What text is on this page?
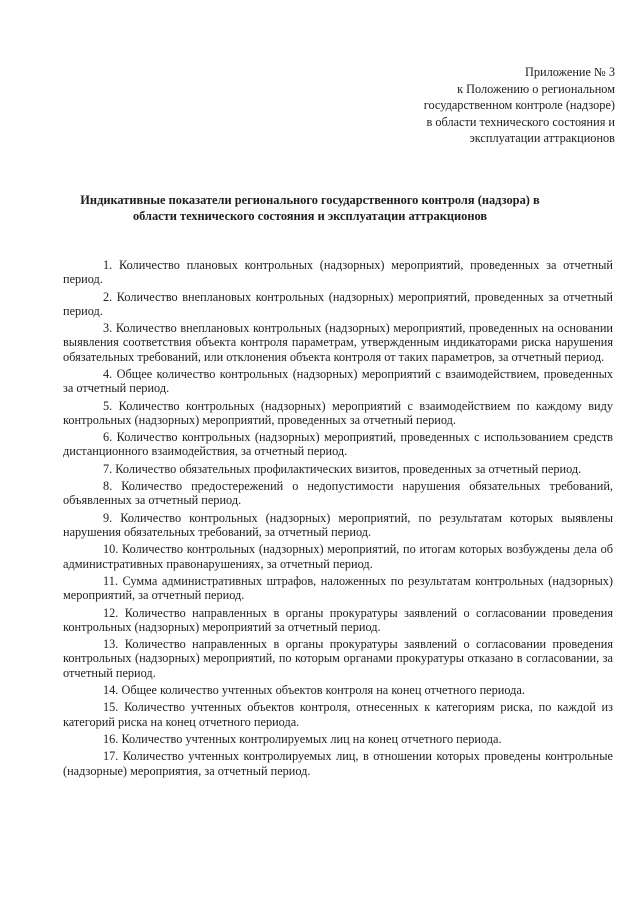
Приложение № 3
к Положению о региональном
государственном контроле (надзоре)
в области технического состояния и
эксплуатации аттракционов
Индикативные показатели регионального государственного контроля (надзора) в
области технического состояния и эксплуатации аттракционов

1. Количество плановых контрольных (надзорных) мероприятий, проведенных за отчетный период.

2. Количество внеплановых контрольных (надзорных) мероприятий, проведенных за отчетный период.

3. Количество внеплановых контрольных (надзорных) мероприятий, проведенных на основании выявления соответствия объекта контроля параметрам, утвержденным индикаторами риска нарушения обязательных требований, или отклонения объекта контроля от таких параметров, за отчетный период.

4. Общее количество контрольных (надзорных) мероприятий с взаимодействием, проведенных за отчетный период.

5. Количество контрольных (надзорных) мероприятий с взаимодействием по каждому виду контрольных (надзорных) мероприятий, проведенных за отчетный период.

6. Количество контрольных (надзорных) мероприятий, проведенных с использованием средств дистанционного взаимодействия, за отчетный период.

7. Количество обязательных профилактических визитов, проведенных за отчетный период.

8. Количество предостережений о недопустимости нарушения обязательных требований, объявленных за отчетный период.

9. Количество контрольных (надзорных) мероприятий, по результатам которых выявлены нарушения обязательных требований, за отчетный период.

10. Количество контрольных (надзорных) мероприятий, по итогам которых возбуждены дела об административных правонарушениях, за отчетный период.

11. Сумма административных штрафов, наложенных по результатам контрольных (надзорных) мероприятий, за отчетный период.

12. Количество направленных в органы прокуратуры заявлений о согласовании проведения контрольных (надзорных) мероприятий за отчетный период.

13. Количество направленных в органы прокуратуры заявлений о согласовании проведения контрольных (надзорных) мероприятий, по которым органами прокуратуры отказано в согласовании, за отчетный период.

14. Общее количество учтенных объектов контроля на конец отчетного периода.

15. Количество учтенных объектов контроля, отнесенных к категориям риска, по каждой из категорий риска на конец отчетного периода.

16. Количество учтенных контролируемых лиц на конец отчетного периода.

17. Количество учтенных контролируемых лиц, в отношении которых проведены контрольные (надзорные) мероприятия, за отчетный период.
